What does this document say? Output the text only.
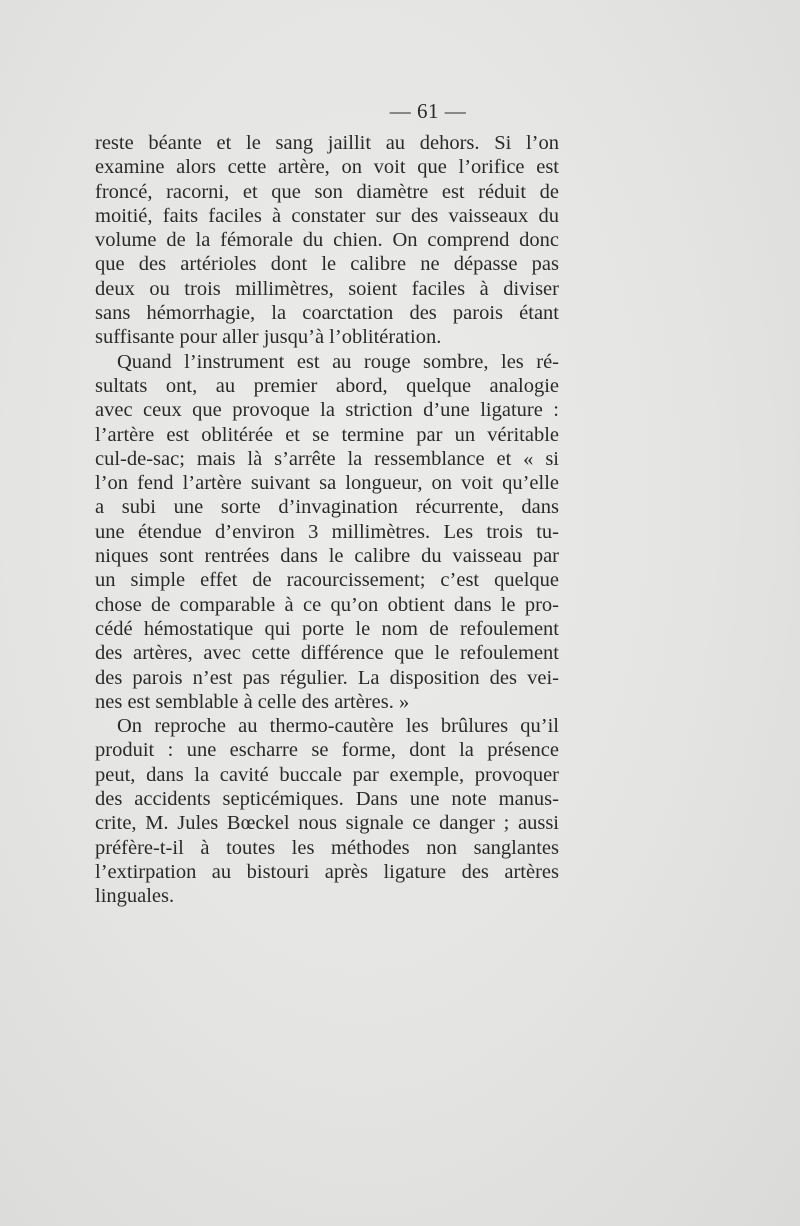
— 61 —
reste béante et le sang jaillit au dehors. Si l’on
examine alors cette artère, on voit que l’orifice est
froncé, racorni, et que son diamètre est réduit de
moitié, faits faciles à constater sur des vaisseaux du
volume de la fémorale du chien. On comprend donc
que des artérioles dont le calibre ne dépasse pas
deux ou trois millimètres, soient faciles à diviser
sans hémorrhagie, la coarctation des parois étant
suffisante pour aller jusqu’à l’oblitération.
Quand l’instrument est au rouge sombre, les ré-
sultats ont, au premier abord, quelque analogie
avec ceux que provoque la striction d’une ligature :
l’artère est oblitérée et se termine par un véritable
cul-de-sac; mais là s’arrête la ressemblance et « si
l’on fend l’artère suivant sa longueur, on voit qu’elle
a subi une sorte d’invagination récurrente, dans
une étendue d’environ 3 millimètres. Les trois tu-
niques sont rentrées dans le calibre du vaisseau par
un simple effet de racourcissement; c’est quelque
chose de comparable à ce qu’on obtient dans le pro-
cédé hémostatique qui porte le nom de refoulement
des artères, avec cette différence que le refoulement
des parois n’est pas régulier. La disposition des vei-
nes est semblable à celle des artères. »
On reproche au thermo-cautère les brûlures qu’il
produit : une escharre se forme, dont la présence
peut, dans la cavité buccale par exemple, provoquer
des accidents septicémiques. Dans une note manus-
crite, M. Jules Bœckel nous signale ce danger ; aussi
préfère-t-il à toutes les méthodes non sanglantes
l’extirpation au bistouri après ligature des artères
linguales.
